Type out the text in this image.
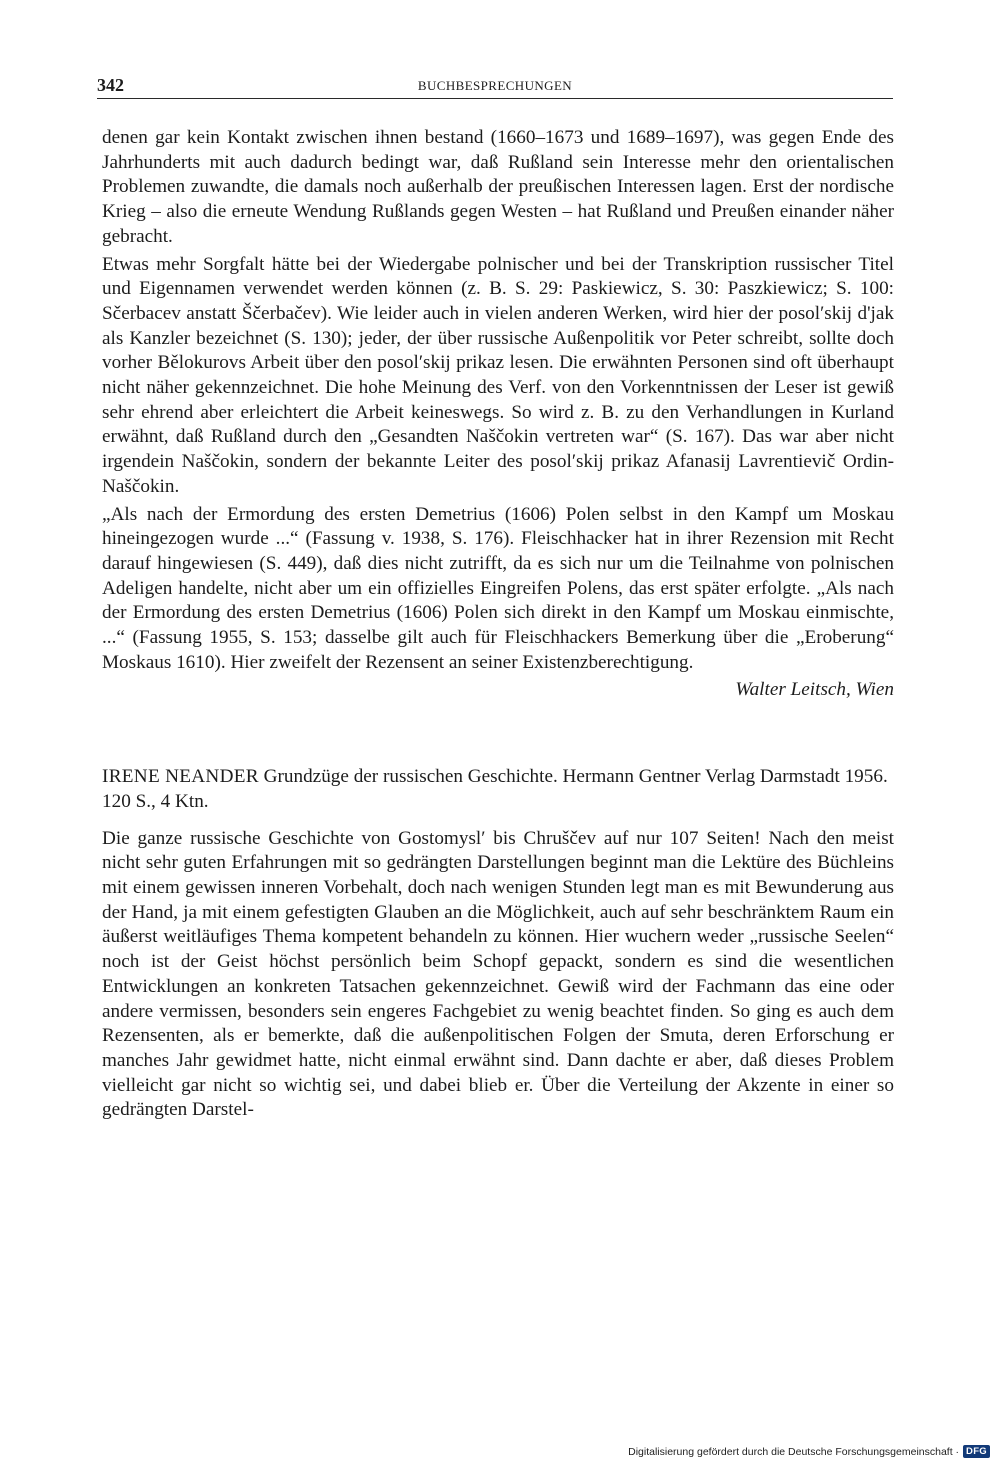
342	BUCHBESPRECHUNGEN

denen gar kein Kontakt zwischen ihnen bestand (1660–1673 und 1689–1697), was gegen Ende des Jahrhunderts mit auch dadurch bedingt war, daß Rußland sein Interesse mehr den orientalischen Problemen zuwandte, die damals noch außerhalb der preußischen Interessen lagen. Erst der nordische Krieg – also die erneute Wendung Rußlands gegen Westen – hat Rußland und Preußen einander näher gebracht.

Etwas mehr Sorgfalt hätte bei der Wiedergabe polnischer und bei der Transkription russischer Titel und Eigennamen verwendet werden können (z. B. S. 29: Paskiewicz, S. 30: Paszkiewicz; S. 100: Sčerbacev anstatt Ščerbačev). Wie leider auch in vielen anderen Werken, wird hier der posolʹskij d'jak als Kanzler bezeichnet (S. 130); jeder, der über russische Außenpolitik vor Peter schreibt, sollte doch vorher Bělokurovs Arbeit über den posolʹskij prikaz lesen. Die erwähnten Personen sind oft überhaupt nicht näher gekennzeichnet. Die hohe Meinung des Verf. von den Vorkenntnissen der Leser ist gewiß sehr ehrend aber erleichtert die Arbeit keineswegs. So wird z. B. zu den Verhandlungen in Kurland erwähnt, daß Rußland durch den „Gesandten Naščokin vertreten war“ (S. 167). Das war aber nicht irgendein Naščokin, sondern der bekannte Leiter des posolʹskij prikaz Afanasij Lavrentievič Ordin-Naščokin.

„Als nach der Ermordung des ersten Demetrius (1606) Polen selbst in den Kampf um Moskau hineingezogen wurde ...“ (Fassung v. 1938, S. 176). Fleischhacker hat in ihrer Rezension mit Recht darauf hingewiesen (S. 449), daß dies nicht zutrifft, da es sich nur um die Teilnahme von polnischen Adeligen handelte, nicht aber um ein offizielles Eingreifen Polens, das erst später erfolgte. „Als nach der Ermordung des ersten Demetrius (1606) Polen sich direkt in den Kampf um Moskau einmischte, ...“ (Fassung 1955, S. 153; dasselbe gilt auch für Fleischhackers Bemerkung über die „Eroberung“ Moskaus 1610). Hier zweifelt der Rezensent an seiner Existenzberechtigung.

Walter Leitsch, Wien

IRENE NEANDER Grundzüge der russischen Geschichte. Hermann Gentner Verlag Darmstadt 1956. 120 S., 4 Ktn.

Die ganze russische Geschichte von Gostomyslʹ bis Chruščev auf nur 107 Seiten! Nach den meist nicht sehr guten Erfahrungen mit so gedrängten Darstellungen beginnt man die Lektüre des Büchleins mit einem gewissen inneren Vorbehalt, doch nach wenigen Stunden legt man es mit Bewunderung aus der Hand, ja mit einem gefestigten Glauben an die Möglichkeit, auch auf sehr beschränktem Raum ein äußerst weitläufiges Thema kompetent behandeln zu können. Hier wuchern weder „russische Seelen“ noch ist der Geist höchst persönlich beim Schopf gepackt, sondern es sind die wesentlichen Entwicklungen an konkreten Tatsachen gekennzeichnet. Gewiß wird der Fachmann das eine oder andere vermissen, besonders sein engeres Fachgebiet zu wenig beachtet finden. So ging es auch dem Rezensenten, als er bemerkte, daß die außenpolitischen Folgen der Smuta, deren Erforschung er manches Jahr gewidmet hatte, nicht einmal erwähnt sind. Dann dachte er aber, daß dieses Problem vielleicht gar nicht so wichtig sei, und dabei blieb er. Über die Verteilung der Akzente in einer so gedrängten Darstel-

Digitalisierung gefördert durch die Deutsche Forschungsgemeinschaft · DFG
